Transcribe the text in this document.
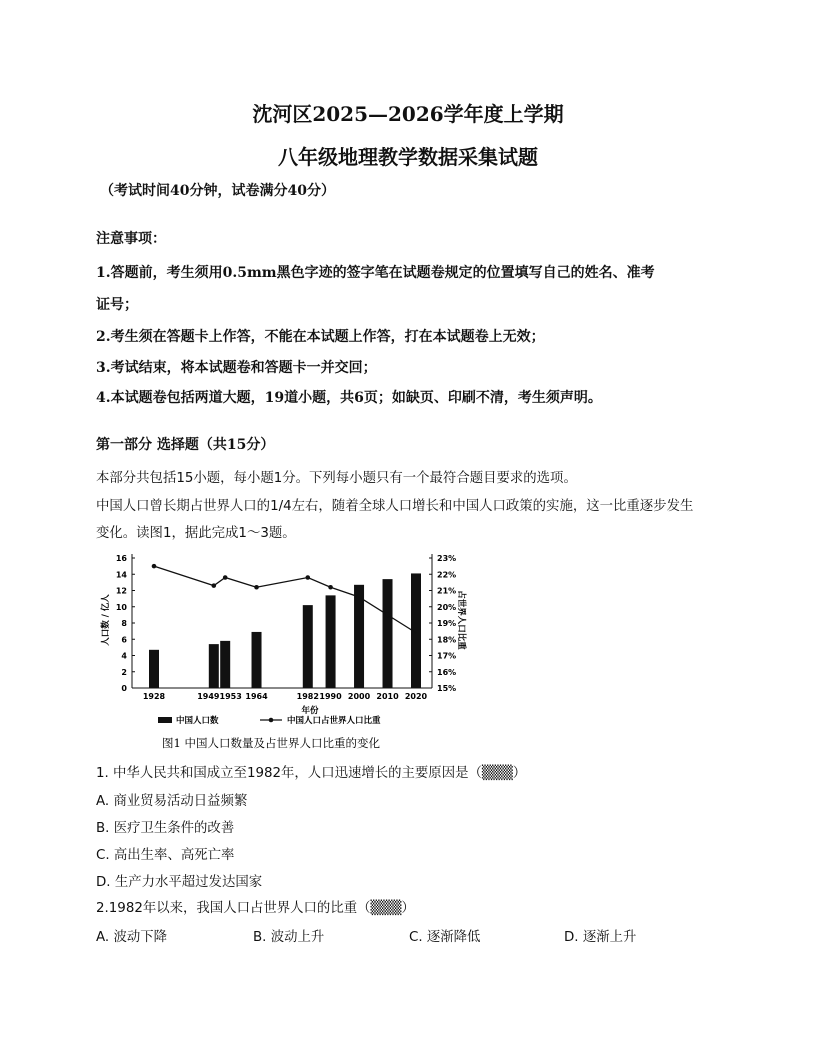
沈河区2025—2026学年度上学期
八年级地理教学数据采集试题
（考试时间40分钟，试卷满分40分）
注意事项：
1.答题前，考生须用0.5mm黑色字迹的签字笔在试题卷规定的位置填写自己的姓名、准考
证号；
2.考生须在答题卡上作答，不能在本试题上作答，打在本试题卷上无效；
3.考试结束，将本试题卷和答题卡一并交回；
4.本试题卷包括两道大题，19道小题，共6页；如缺页、印刷不清，考生须声明。
第一部分 选择题（共15分）
本部分共包括15小题，每小题1分。下列每小题只有一个最符合题目要求的选项。
中国人口曾长期占世界人口的1/4左右，随着全球人口增长和中国人口政策的实施，这一比重逐步发生
变化。读图1，据此完成1～3题。
1928	19491953 1964	1982 1990 2000 2010 2020
0
2
4
6
8
10
12
14
16
15%
16%
17%
18%
19%
20%
21%
22%
23%
年份
人口数 / 亿人	占世界人口比重
中国人口数	中国人口占世界人口比重
图1 中国人口数量及占世界人口比重的变化
1. 中华人民共和国成立至1982年，人口迅速增长的主要原因是（▒▒▒）
A. 商业贸易活动日益频繁
B. 医疗卫生条件的改善
C. 高出生率、高死亡率
D. 生产力水平超过发达国家
2.1982年以来，我国人口占世界人口的比重（▒▒▒）
A. 波动下降	B. 波动上升	C. 逐渐降低	D. 逐渐上升
